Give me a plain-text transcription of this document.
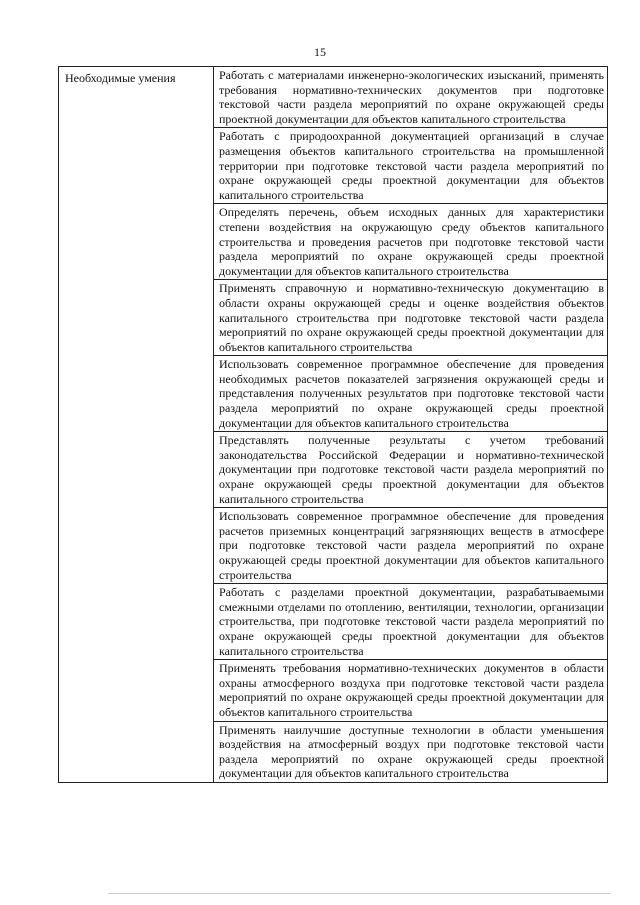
15
Необходимые умения	Работать с материалами инженерно-экологических изысканий, применять требования нормативно-технических документов при подготовке текстовой части раздела мероприятий по охране окружающей среды проектной документации для объектов капитального строительства
Работать с природоохранной документацией организаций в случае размещения объектов капитального строительства на промышленной территории при подготовке текстовой части раздела мероприятий по охране окружающей среды проектной документации для объектов капитального строительства
Определять перечень, объем исходных данных для характеристики степени воздействия на окружающую среду объектов капитального строительства и проведения расчетов при подготовке текстовой части раздела мероприятий по охране окружающей среды проектной документации для объектов капитального строительства
Применять справочную и нормативно-техническую документацию в области охраны окружающей среды и оценке воздействия объектов капитального строительства при подготовке текстовой части раздела мероприятий по охране окружающей среды проектной документации для объектов капитального строительства
Использовать современное программное обеспечение для проведения необходимых расчетов показателей загрязнения окружающей среды и представления полученных результатов при подготовке текстовой части раздела мероприятий по охране окружающей среды проектной документации для объектов капитального строительства
Представлять полученные результаты с учетом требований законодательства Российской Федерации и нормативно-технической документации при подготовке текстовой части раздела мероприятий по охране окружающей среды проектной документации для объектов капитального строительства
Использовать современное программное обеспечение для проведения расчетов приземных концентраций загрязняющих веществ в атмосфере при подготовке текстовой части раздела мероприятий по охране окружающей среды проектной документации для объектов капитального строительства
Работать с разделами проектной документации, разрабатываемыми смежными отделами по отоплению, вентиляции, технологии, организации строительства, при подготовке текстовой части раздела мероприятий по охране окружающей среды проектной документации для объектов капитального строительства
Применять требования нормативно-технических документов в области охраны атмосферного воздуха при подготовке текстовой части раздела мероприятий по охране окружающей среды проектной документации для объектов капитального строительства
Применять наилучшие доступные технологии в области уменьшения воздействия на атмосферный воздух при подготовке текстовой части раздела мероприятий по охране окружающей среды проектной документации для объектов капитального строительства
